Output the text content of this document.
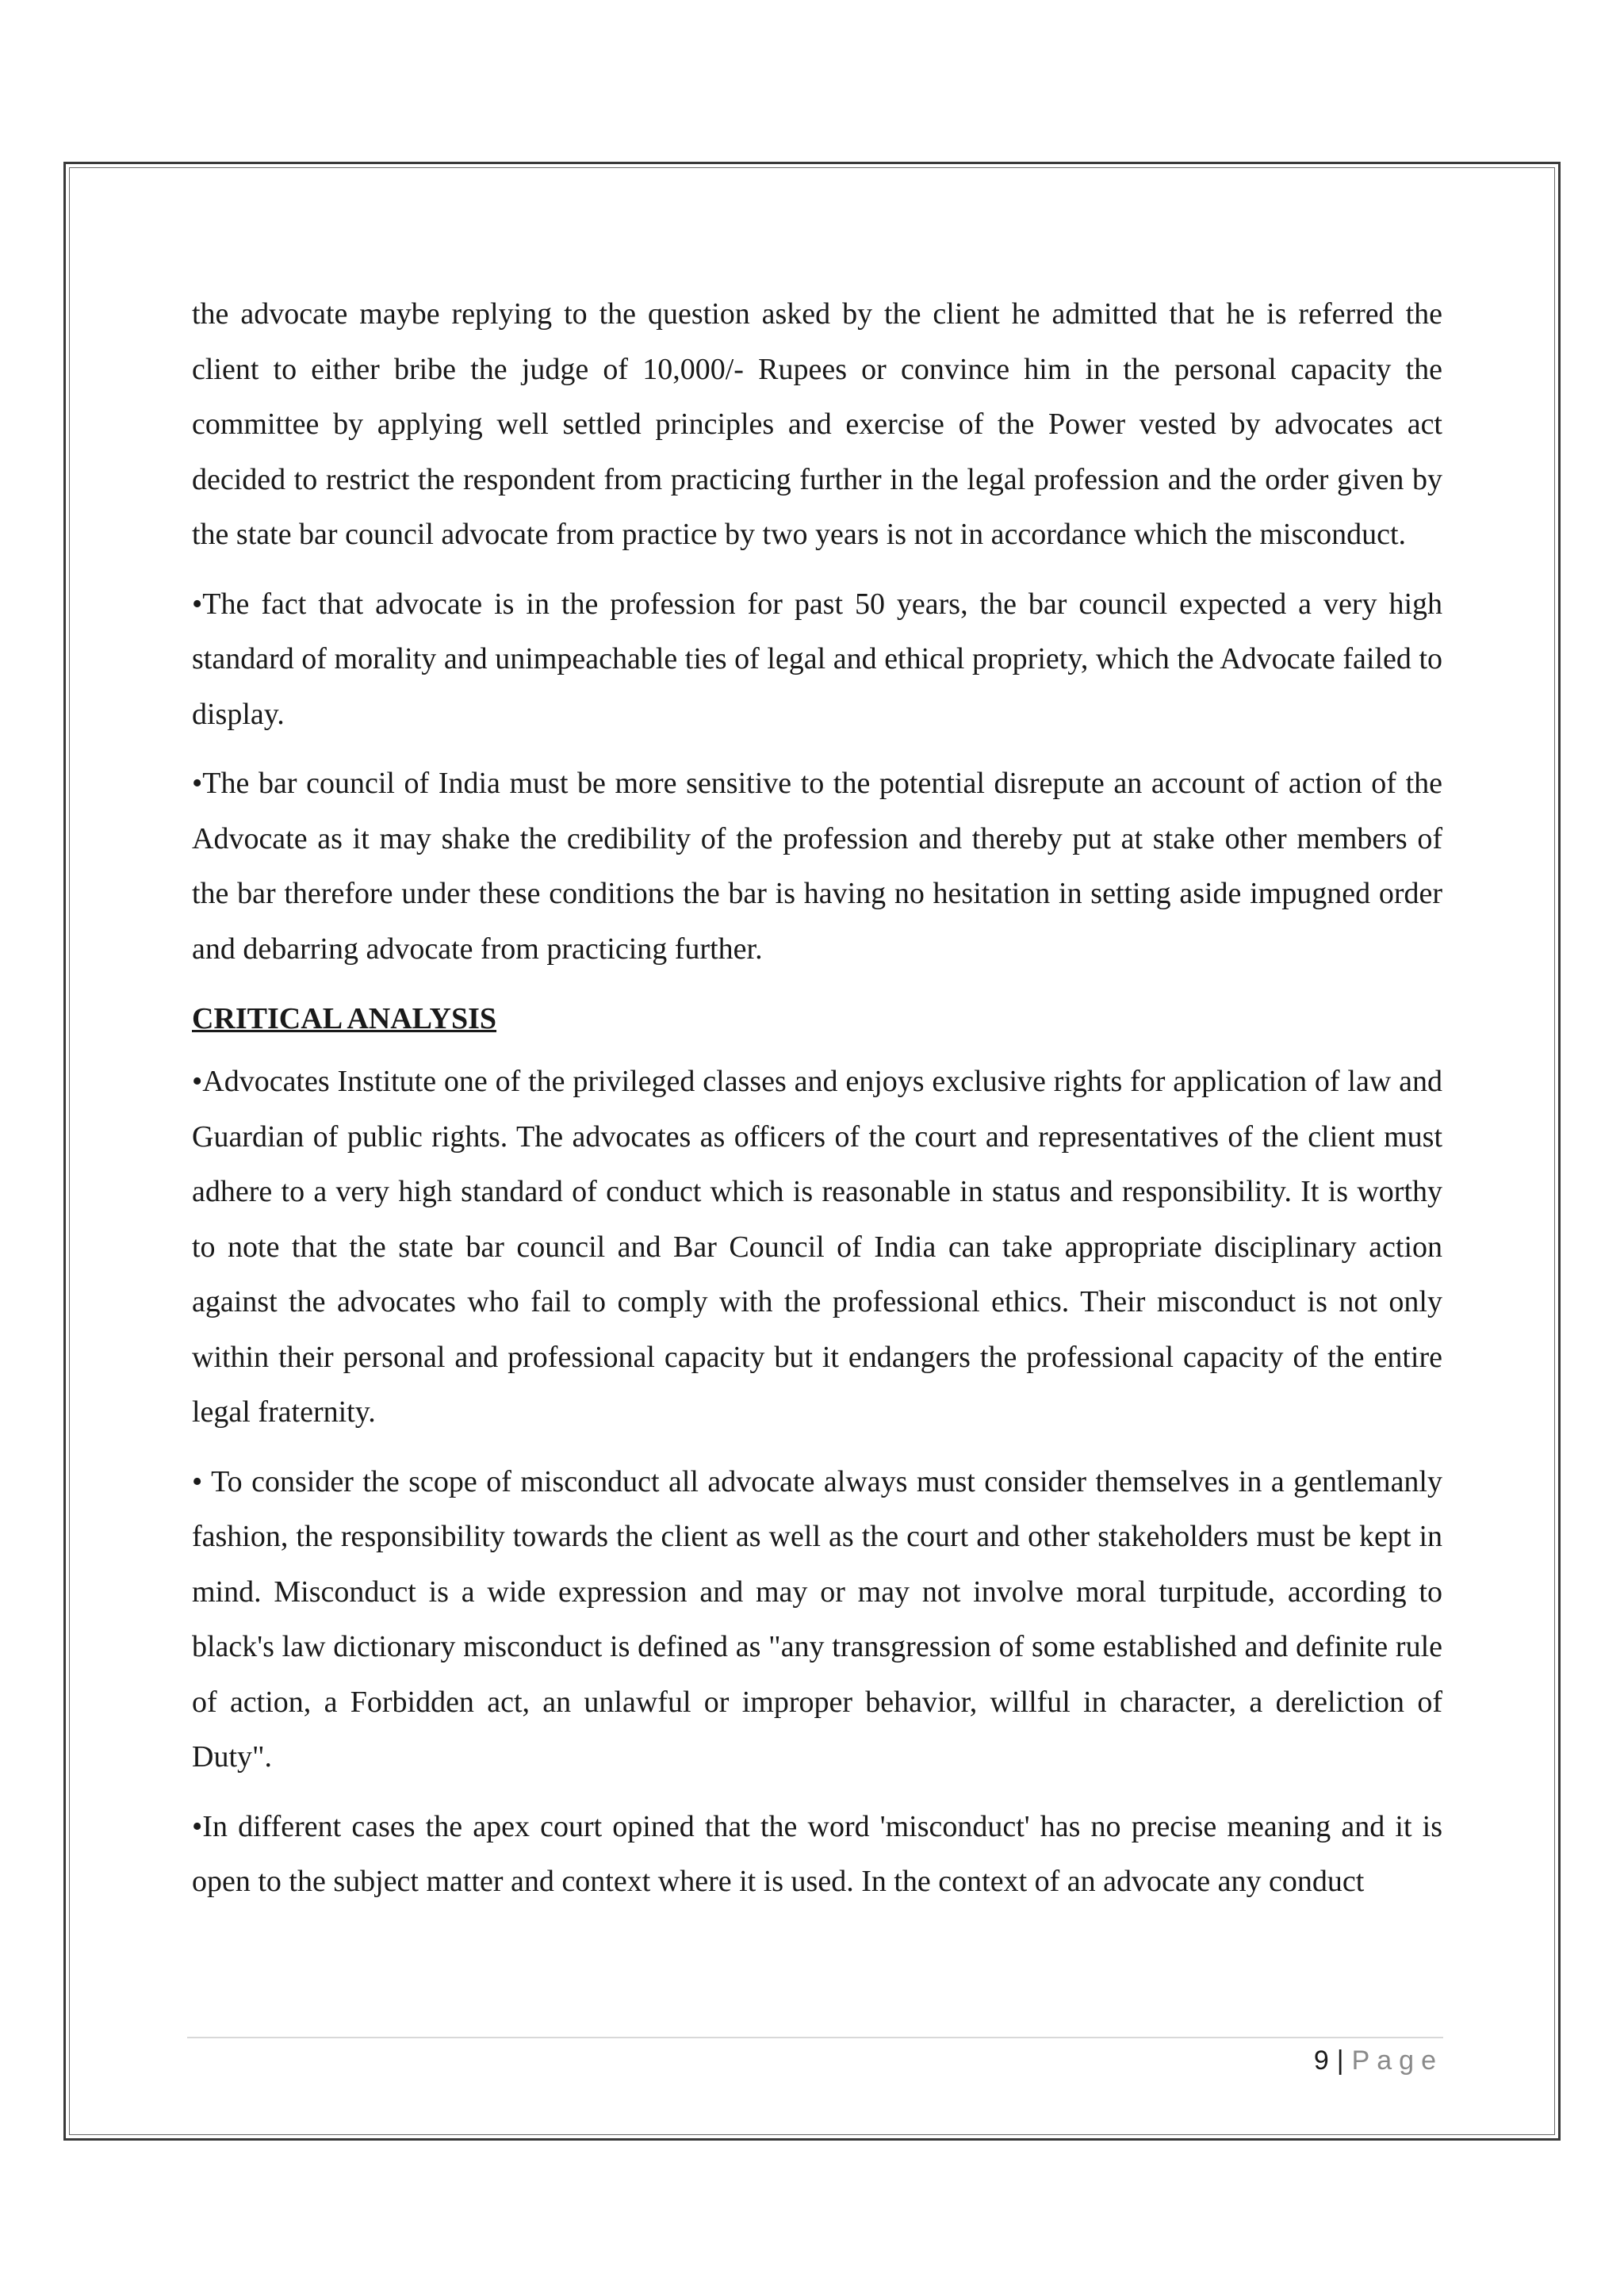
the advocate maybe replying to the question asked by the client he admitted that he is referred the client to either bribe the judge of 10,000/- Rupees or convince him in the personal capacity the committee by applying well settled principles and exercise of the Power vested by advocates act decided to restrict the respondent from practicing further in the legal profession and the order given by the state bar council advocate from practice by two years is not in accordance which the misconduct.

•The fact that advocate is in the profession for past 50 years, the bar council expected a very high standard of morality and unimpeachable ties of legal and ethical propriety, which the Advocate failed to display.

•The bar council of India must be more sensitive to the potential disrepute an account of action of the Advocate as it may shake the credibility of the profession and thereby put at stake other members of the bar therefore under these conditions the bar is having no hesitation in setting aside impugned order and debarring advocate from practicing further.

CRITICAL ANALYSIS

•Advocates Institute one of the privileged classes and enjoys exclusive rights for application of law and Guardian of public rights. The advocates as officers of the court and representatives of the client must adhere to a very high standard of conduct which is reasonable in status and responsibility. It is worthy to note that the state bar council and Bar Council of India can take appropriate disciplinary action against the advocates who fail to comply with the professional ethics. Their misconduct is not only within their personal and professional capacity but it endangers the professional capacity of the entire legal fraternity.

• To consider the scope of misconduct all advocate always must consider themselves in a gentlemanly fashion, the responsibility towards the client as well as the court and other stakeholders must be kept in mind. Misconduct is a wide expression and may or may not involve moral turpitude, according to black's law dictionary misconduct is defined as "any transgression of some established and definite rule of action, a Forbidden act, an unlawful or improper behavior, willful in character, a dereliction of Duty".

•In different cases the apex court opined that the word 'misconduct' has no precise meaning and it is open to the subject matter and context where it is used. In the context of an advocate any conduct

9 | Page
